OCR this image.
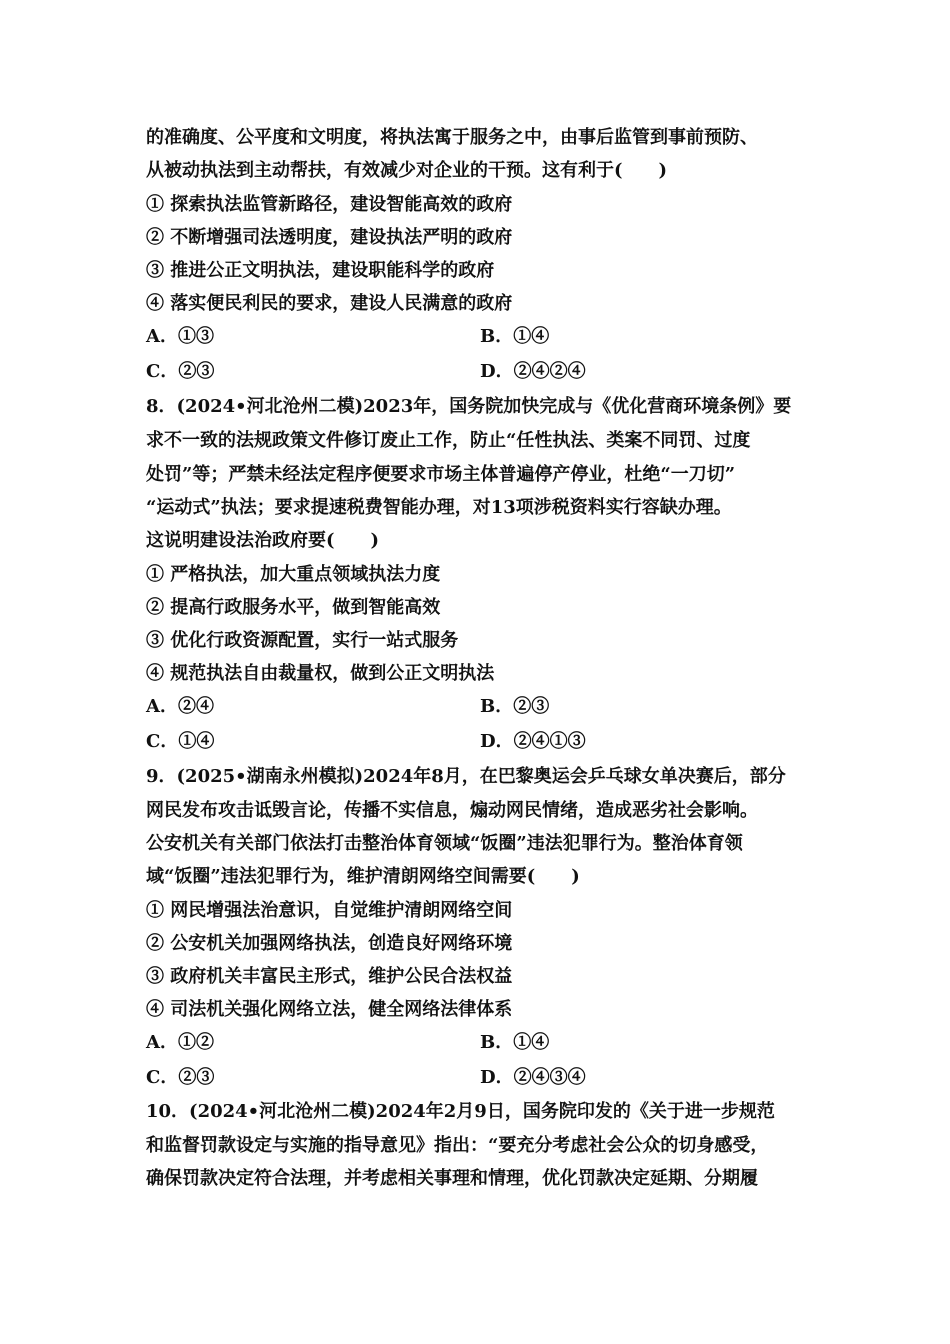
的准确度、公平度和文明度，将执法寓于服务之中，由事后监管到事前预防、

从被动执法到主动帮扶，有效减少对企业的干预。这有利于(　　)

① 探索执法监管新路径，建设智能高效的政府

② 不断增强司法透明度，建设执法严明的政府

③ 推进公正文明执法，建设职能科学的政府

④ 落实便民利民的要求，建设人民满意的政府

A．①③	B．①④

C．②③	D．②④②④

8．(2024•河北沧州二模)2023年，国务院加快完成与《优化营商环境条例》要

求不一致的法规政策文件修订废止工作，防止“任性执法、类案不同罚、过度

处罚”等；严禁未经法定程序便要求市场主体普遍停产停业，杜绝“一刀切”

“运动式”执法；要求提速税费智能办理，对13项涉税资料实行容缺办理。

这说明建设法治政府要(　　)

① 严格执法，加大重点领域执法力度

② 提高行政服务水平，做到智能高效

③ 优化行政资源配置，实行一站式服务

④ 规范执法自由裁量权，做到公正文明执法

A．②④	B．②③

C．①④	D．②④①③

9．(2025•湖南永州模拟)2024年8月，在巴黎奥运会乒乓球女单决赛后，部分

网民发布攻击诋毁言论，传播不实信息，煽动网民情绪，造成恶劣社会影响。

公安机关有关部门依法打击整治体育领域“饭圈”违法犯罪行为。整治体育领

域“饭圈”违法犯罪行为，维护清朗网络空间需要(　　)

① 网民增强法治意识，自觉维护清朗网络空间

② 公安机关加强网络执法，创造良好网络环境

③ 政府机关丰富民主形式，维护公民合法权益

④ 司法机关强化网络立法，健全网络法律体系

A．①②	B．①④

C．②③	D．②④③④

10．(2024•河北沧州二模)2024年2月9日，国务院印发的《关于进一步规范

和监督罚款设定与实施的指导意见》指出：“要充分考虑社会公众的切身感受，

确保罚款决定符合法理，并考虑相关事理和情理，优化罚款决定延期、分期履
